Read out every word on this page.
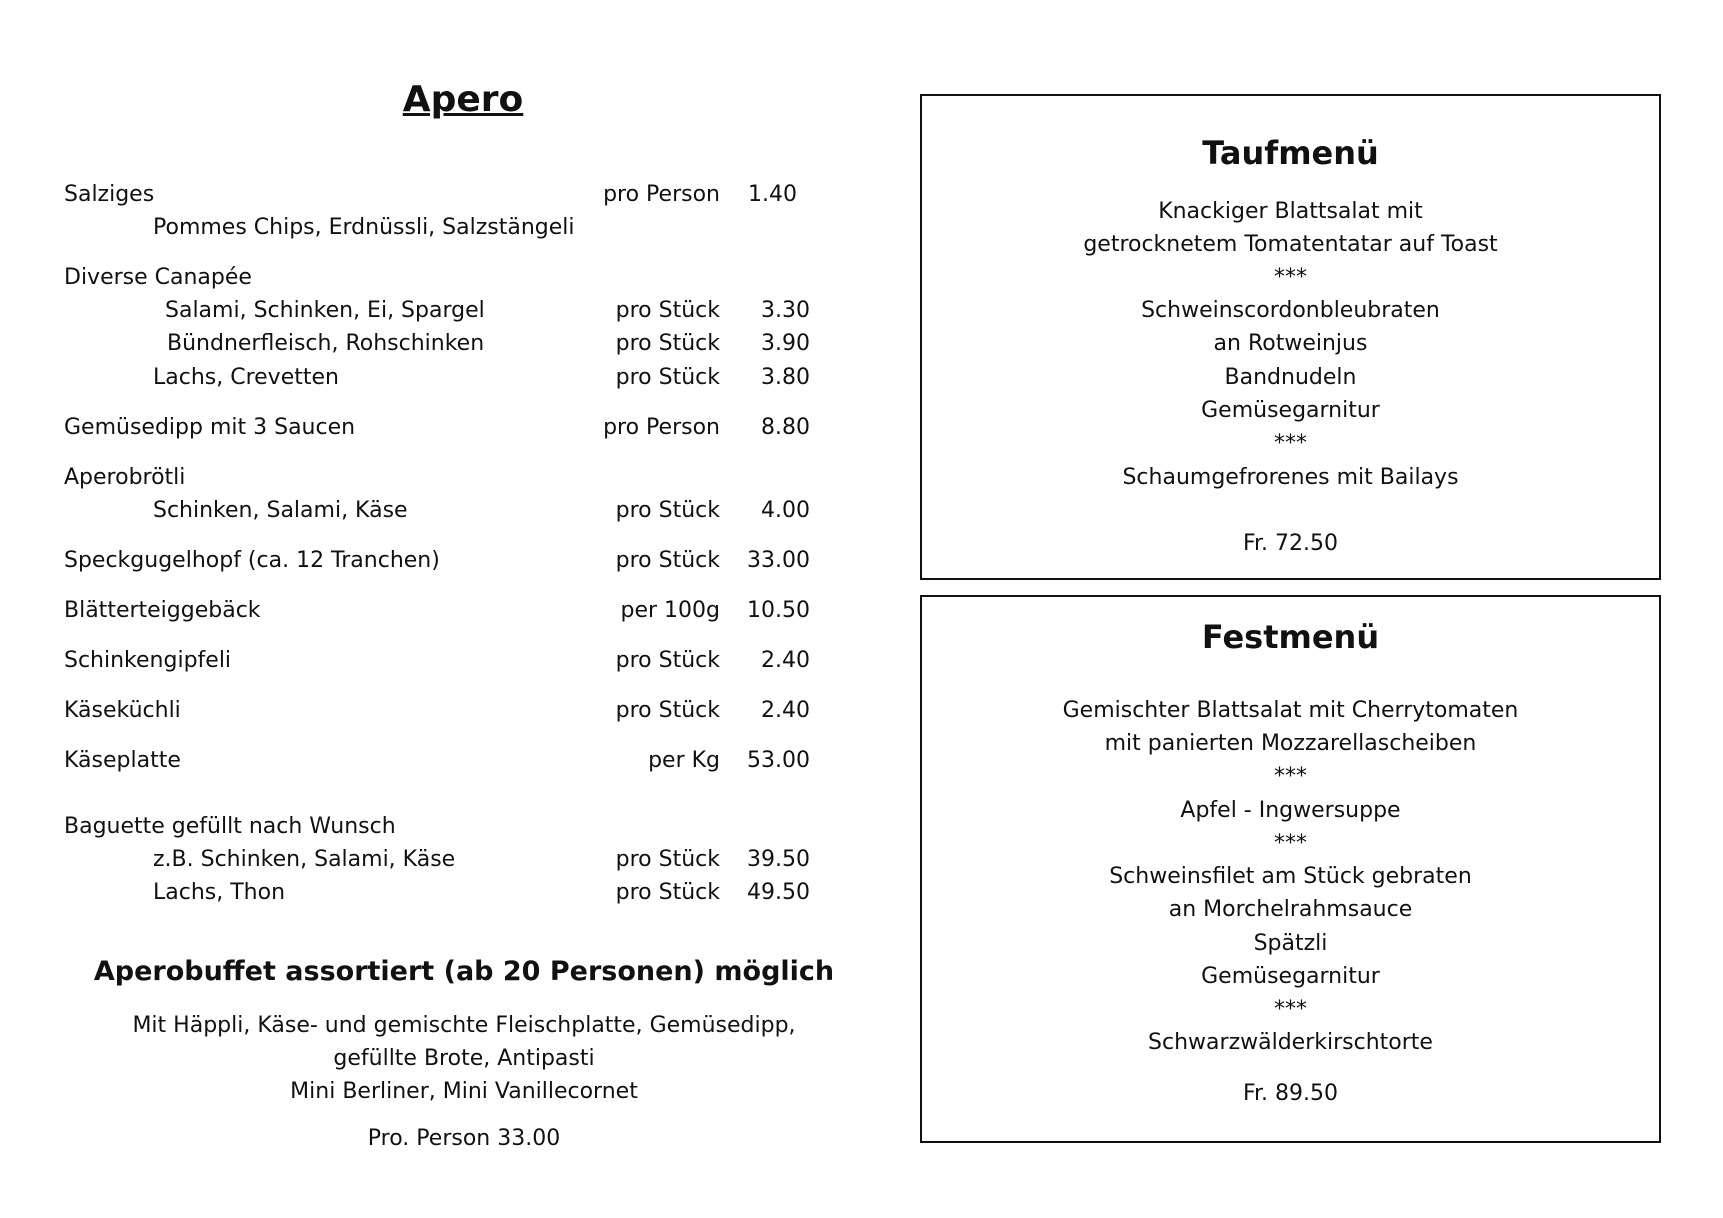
Apero
Salziges	pro Person 1.40
Pommes Chips, Erdnüssli, Salzstängeli
Diverse Canapée
Salami, Schinken, Ei, Spargel	pro Stück	3.30
Bündnerfleisch, Rohschinken	pro Stück	3.90
Lachs, Crevetten	pro Stück	3.80
Gemüsedipp mit 3 Saucen	pro Person	8.80
Aperobrötli
Schinken, Salami, Käse	pro Stück	4.00
Speckgugelhopf (ca. 12 Tranchen)	pro Stück	33.00
Blätterteiggebäck	per 100g	10.50
Schinkengipfeli	pro Stück	2.40
Käseküchli	pro Stück	2.40
Käseplatte	per Kg	53.00
Baguette gefüllt nach Wunsch
z.B. Schinken, Salami, Käse	pro Stück	39.50
Lachs, Thon	pro Stück	49.50
Aperobuffet assortiert (ab 20 Personen) möglich
Mit Häppli, Käse- und gemischte Fleischplatte, Gemüsedipp,
gefüllte Brote, Antipasti
Mini Berliner, Mini Vanillecornet
Pro. Person 33.00
Taufmenü
Knackiger Blattsalat mit
getrocknetem Tomatentatar auf Toast
***
Schweinscordonbleubraten
an Rotweinjus
Bandnudeln
Gemüsegarnitur
***
Schaumgefrorenes mit Bailays
Fr. 72.50
Festmenü
Gemischter Blattsalat mit Cherrytomaten
mit panierten Mozzarellascheiben
***
Apfel - Ingwersuppe
***
Schweinsfilet am Stück gebraten
an Morchelrahmsauce
Spätzli
Gemüsegarnitur
***
Schwarzwälderkirschtorte
Fr. 89.50
